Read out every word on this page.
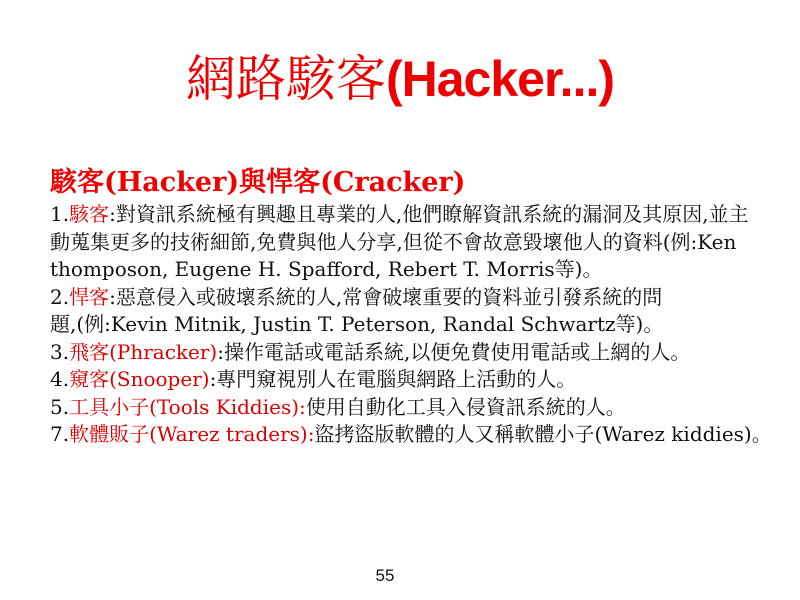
網路駭客(Hacker...)
駭客(Hacker)與悍客(Cracker)
1.駭客:對資訊系統極有興趣且專業的人,他們瞭解資訊系統的漏洞及其原因,並主
動蒐集更多的技術細節,免費與他人分享,但從不會故意毀壞他人的資料(例:Ken
thomposon, Eugene H. Spafford, Rebert T. Morris等)。
2.悍客:惡意侵入或破壞系統的人,常會破壞重要的資料並引發系統的問
題,(例:Kevin Mitnik, Justin T. Peterson, Randal Schwartz等)。
3.飛客(Phracker):操作電話或電話系統,以便免費使用電話或上網的人。
4.窺客(Snooper):專門窺視別人在電腦與網路上活動的人。
5.工具小子(Tools Kiddies):使用自動化工具入侵資訊系統的人。
7.軟體販子(Warez traders):盜拷盜版軟體的人又稱軟體小子(Warez kiddies)。
55
